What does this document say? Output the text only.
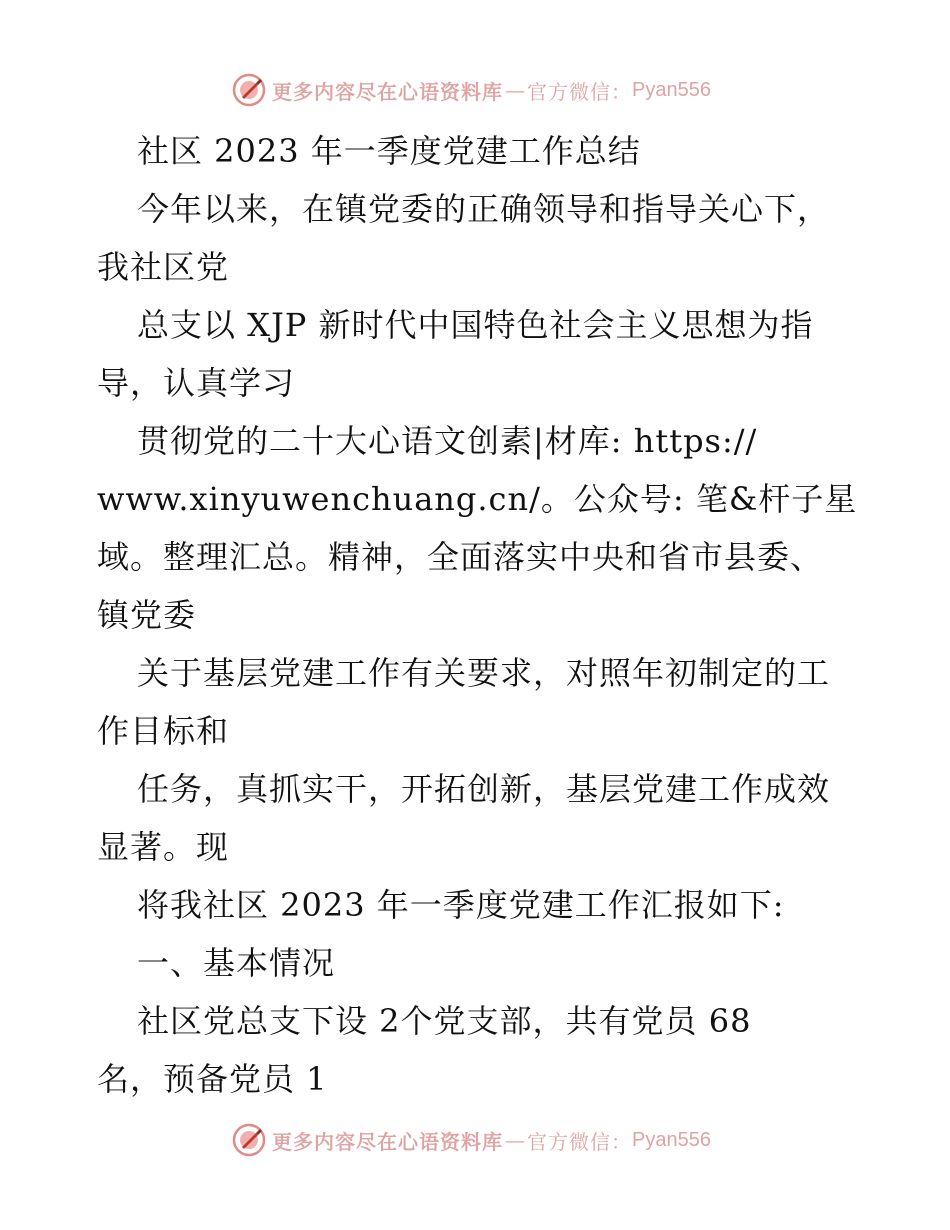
更多内容尽在心语资料库 — 官方微信： Pyan556
社区 2023 年一季度党建工作总结
今年以来，在镇党委的正确领导和指导关心下，
我社区党
总支以 XJP 新时代中国特色社会主义思想为指
导，认真学习
贯彻党的二十大心语文创素|材库: https://
www.xinyuwenchuang.cn/。公众号: 笔&杆子星
域。整理汇总。精神，全面落实中央和省市县委、
镇党委
关于基层党建工作有关要求，对照年初制定的工
作目标和
任务，真抓实干，开拓创新，基层党建工作成效
显著。现
将我社区 2023 年一季度党建工作汇报如下:
一、基本情况
社区党总支下设 2个党支部，共有党员 68
名，预备党员 1
更多内容尽在心语资料库 — 官方微信： Pyan556
